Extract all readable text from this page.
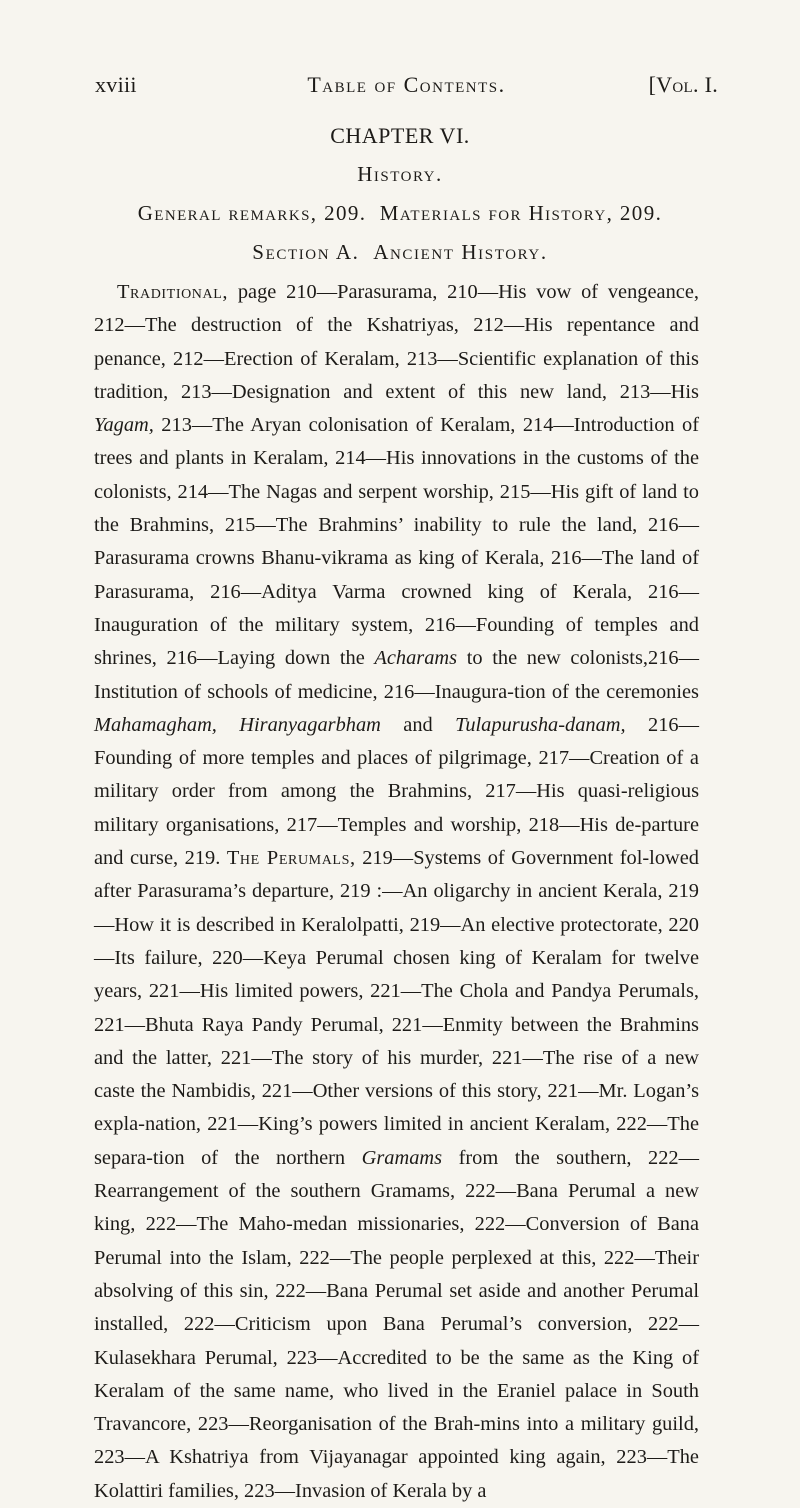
xviii	Table of Contents.	[Vol. I.
CHAPTER VI.
History.
General remarks, 209. Materials for History, 209.
Section A. Ancient History.
Traditional, page 210—Parasurama, 210—His vow of vengeance, 212—The destruction of the Kshatriyas, 212—His repentance and penance, 212—Erection of Keralam, 213—Scientific explanation of this tradition, 213—Designation and extent of this new land, 213—His Yagam, 213—The Aryan colonisation of Keralam, 214—Introduction of trees and plants in Keralam, 214—His innovations in the customs of the colonists, 214—The Nagas and serpent worship, 215—His gift of land to the Brahmins, 215—The Brahmins’ inability to rule the land, 216—Parasurama crowns Bhanu-vikrama as king of Kerala, 216—The land of Parasurama, 216—Aditya Varma crowned king of Kerala, 216—Inauguration of the military system, 216—Founding of temples and shrines, 216—Laying down the Acharams to the new colonists,216—Institution of schools of medicine, 216—Inaugura-tion of the ceremonies Mahamagham, Hiranyagarbham and Tulapurusha-danam, 216—Founding of more temples and places of pilgrimage, 217—Creation of a military order from among the Brahmins, 217—His quasi-religious military organisations, 217—Temples and worship, 218—His de-parture and curse, 219. The Perumals, 219—Systems of Government fol-lowed after Parasurama’s departure, 219 :—An oligarchy in ancient Kerala, 219—How it is described in Keralolpatti, 219—An elective protectorate, 220—Its failure, 220—Keya Perumal chosen king of Keralam for twelve years, 221—His limited powers, 221—The Chola and Pandya Perumals, 221—Bhuta Raya Pandy Perumal, 221—Enmity between the Brahmins and the latter, 221—The story of his murder, 221—The rise of a new caste the Nambidis, 221—Other versions of this story, 221—Mr. Logan’s expla-nation, 221—King’s powers limited in ancient Keralam, 222—The separa-tion of the northern Gramams from the southern, 222—Rearrangement of the southern Gramams, 222—Bana Perumal a new king, 222—The Maho-medan missionaries, 222—Conversion of Bana Perumal into the Islam, 222—The people perplexed at this, 222—Their absolving of this sin, 222—Bana Perumal set aside and another Perumal installed, 222—Criticism upon Bana Perumal’s conversion, 222—Kulasekhara Perumal, 223—Accredited to be the same as the King of Keralam of the same name, who lived in the Eraniel palace in South Travancore, 223—Reorganisation of the Brah-mins into a military guild, 223—A Kshatriya from Vijayanagar appointed king again, 223—The Kolattiri families, 223—Invasion of Kerala by a
